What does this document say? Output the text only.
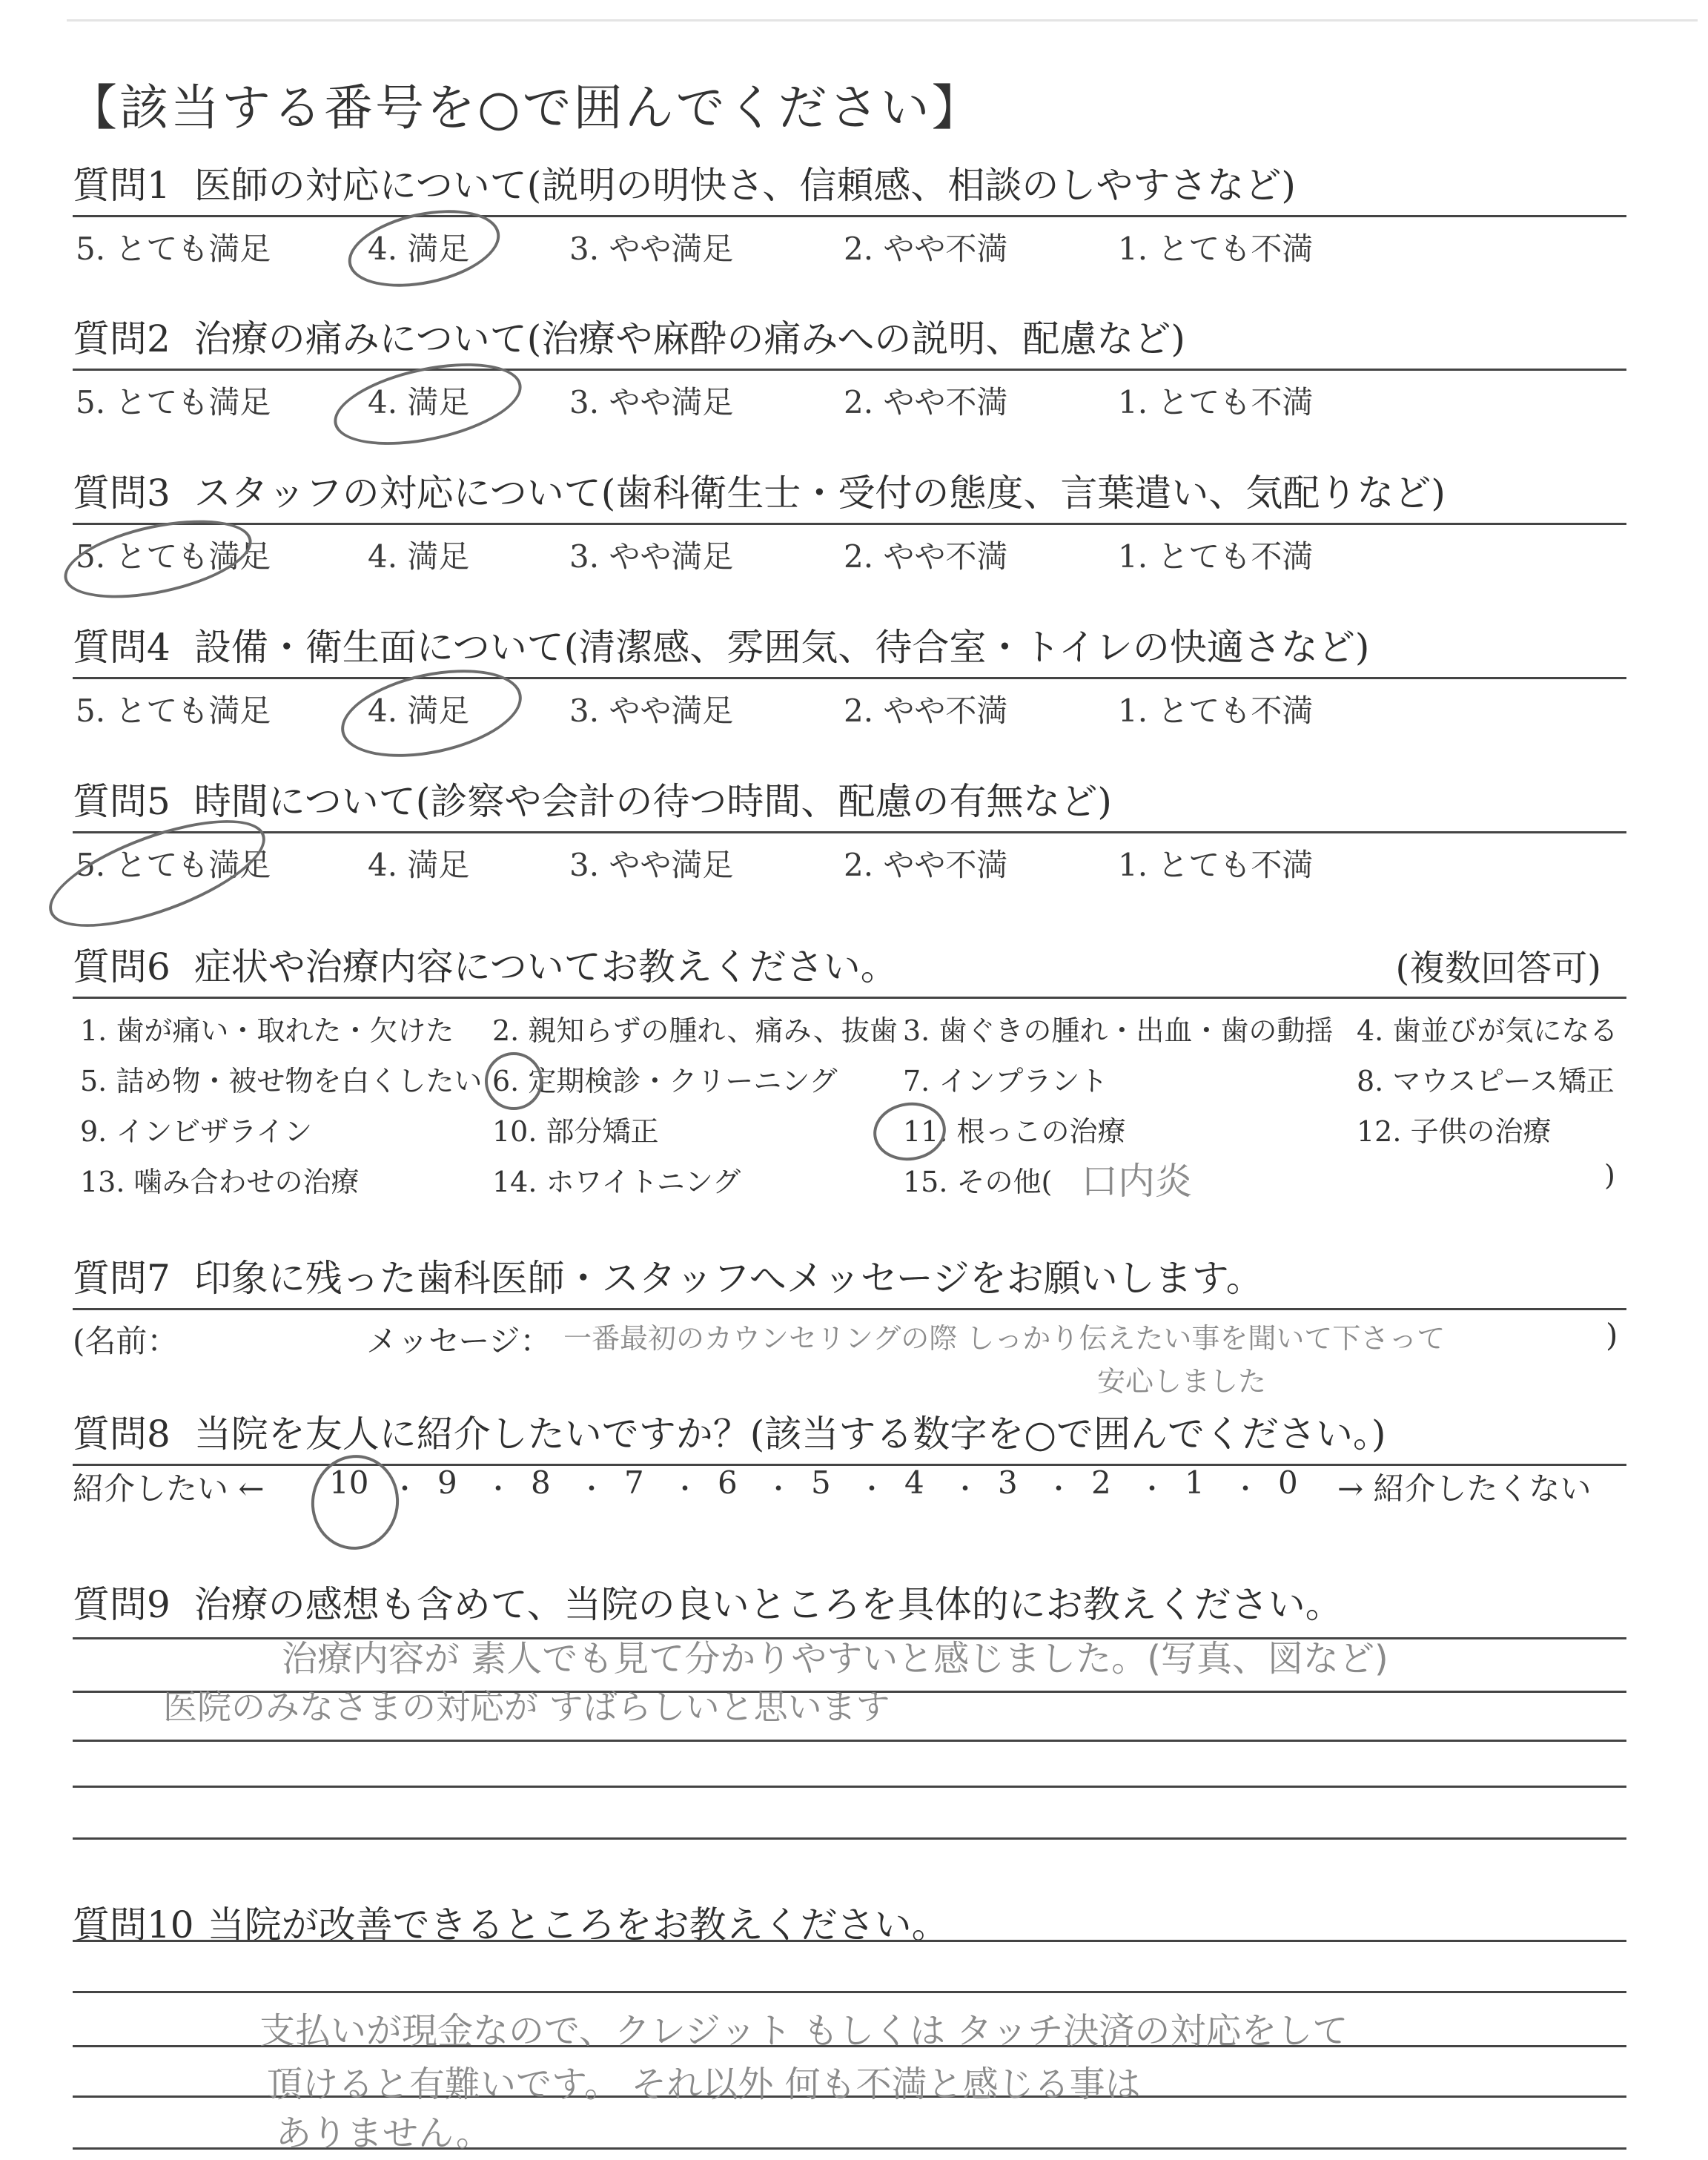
【該当する番号を○で囲んでください】
質問1 医師の対応について(説明の明快さ、信頼感、相談のしやすさなど)
5. とても満足	4. 満足	3. やや満足	2. やや不満	1. とても不満
質問2 治療の痛みについて(治療や麻酔の痛みへの説明、配慮など)
5. とても満足	4. 満足	3. やや満足	2. やや不満	1. とても不満
質問3 スタッフの対応について(歯科衛生士・受付の態度、言葉遣い、気配りなど)
5. とても満足	4. 満足	3. やや満足	2. やや不満	1. とても不満
質問4 設備・衛生面について(清潔感、雰囲気、待合室・トイレの快適さなど)
5. とても満足	4. 満足	3. やや満足	2. やや不満	1. とても不満
質問5 時間について(診察や会計の待つ時間、配慮の有無など)
5. とても満足	4. 満足	3. やや満足	2. やや不満	1. とても不満
質問6 症状や治療内容についてお教えください。	(複数回答可)
1. 歯が痛い・取れた・欠けた 2. 親知らずの腫れ、痛み、抜歯 3. 歯ぐきの腫れ・出血・歯の動揺 4. 歯並びが気になる
5. 詰め物・被せ物を白くしたい 6. 定期検診・クリーニング 7. インプラント	8. マウスピース矯正
9. インビザライン	10. 部分矯正	11. 根っこの治療	12. 子供の治療
13. 噛み合わせの治療	14. ホワイトニング	15. その他( 口内炎	)
質問7 印象に残った歯科医師・スタッフへメッセージをお願いします。
(名前：	メッセージ： 一番最初のカウンセリングの際 しっかり伝えたい事を聞いて下さって
安心しました
)
質問8 当院を友人に紹介したいですか？(該当する数字を○で囲んでください。)
紹介したい ← 10 ・ 9 ・ 8 ・ 7 ・ 6 ・ 5 ・ 4 ・ 3 ・ 2 ・ 1 ・ 0 → 紹介したくない
質問9 治療の感想も含めて、当院の良いところを具体的にお教えください。
治療内容が 素人でも見て分かりやすいと感じました。(写真、図など)
医院のみなさまの対応が すばらしいと思います
質問10 当院が改善できるところをお教えください。
支払いが現金なので、クレジット もしくは タッチ決済の対応をして
頂けると有難いです。 それ以外 何も不満と感じる事は
ありません。
